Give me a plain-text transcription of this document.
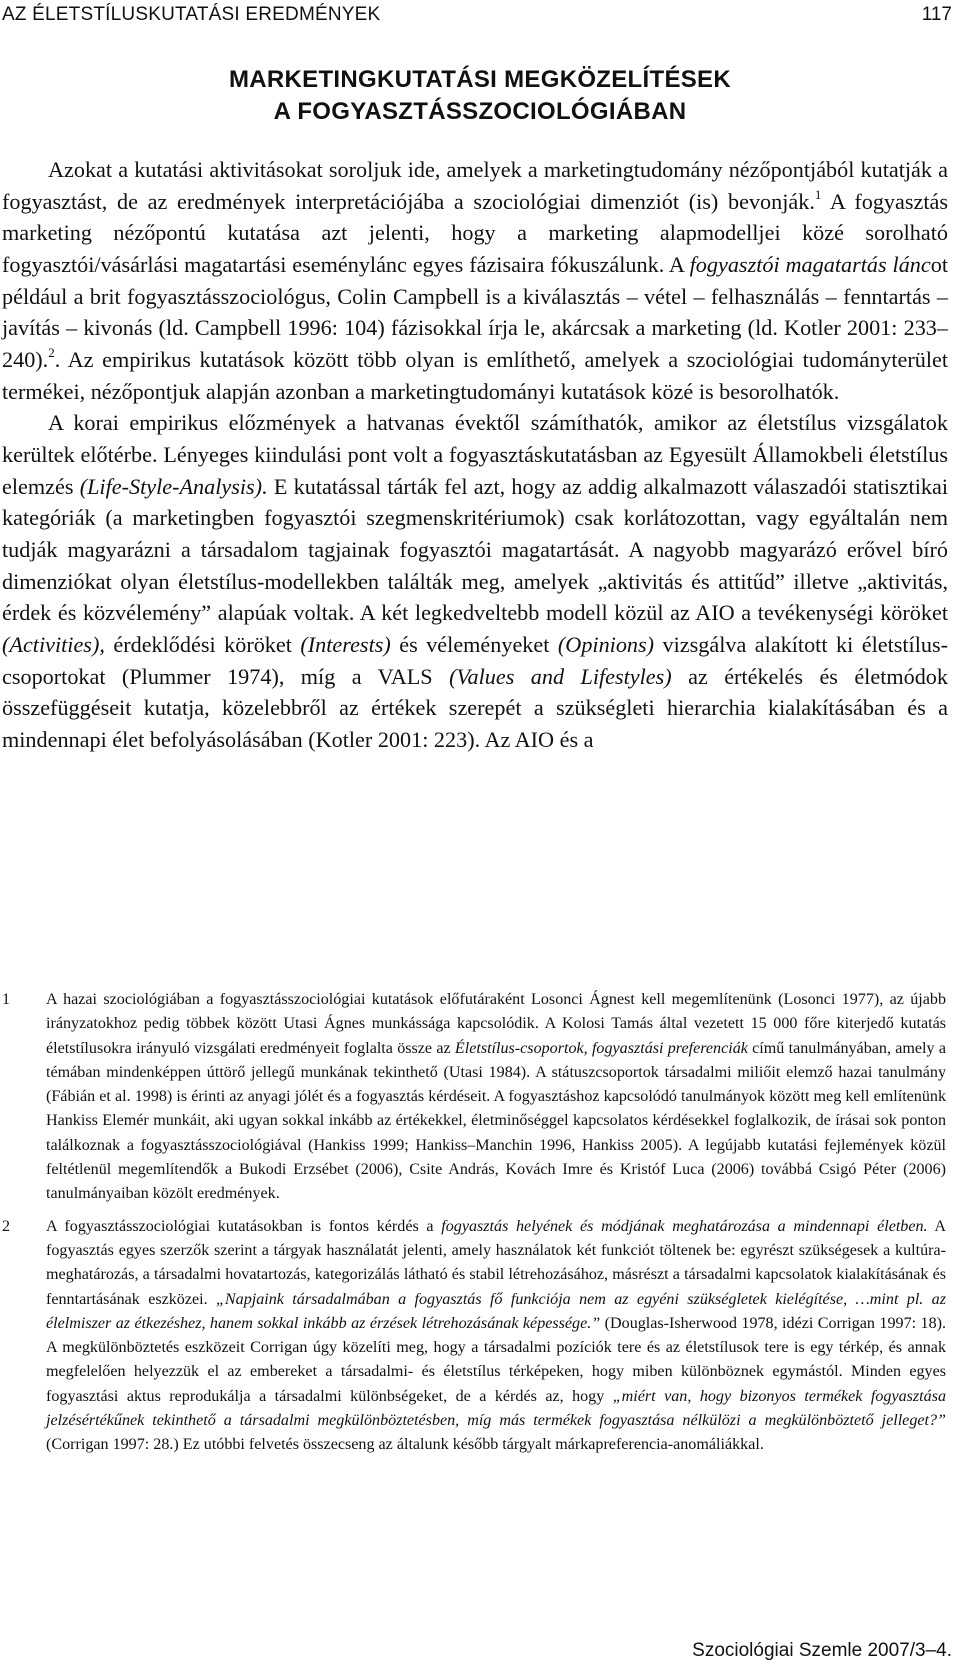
AZ ÉLETSTÍLUSKUTATÁSI EREDMÉNYEK	117
MARKETINGKUTATÁSI MEGKÖZELÍTÉSEK
A FOGYASZTÁSSZOCIOLÓGIÁBAN

Azokat a kutatási aktivitásokat soroljuk ide, amelyek a marketingtudomány nézőpontjából kutatják a fogyasztást, de az eredmények interpretációjába a szociológiai dimenziót (is) bevonják.$^1$ A fogyasztás marketing nézőpontú kutatása azt jelenti, hogy a marketing alapmodelljei közé sorolható fogyasztói/vásárlási magatartási eseménylánc egyes fázisaira fókuszálunk. A fogyasztói magatartás láncot például a brit fogyasztásszociológus, Colin Campbell is a kiválasztás – vétel – felhasználás – fenntartás – javítás – kivonás (ld. Campbell 1996: 104) fázisokkal írja le, akárcsak a marketing (ld. Kotler 2001: 233–240).$^2$. Az empirikus kutatások között több olyan is említhető, amelyek a szociológiai tudományterület termékei, nézőpontjuk alapján azonban a marketingtudományi kutatások közé is besorolhatók.

A korai empirikus előzmények a hatvanas évektől számíthatók, amikor az életstílus vizsgálatok kerültek előtérbe. Lényeges kiindulási pont volt a fogyasztáskutatásban az Egyesült Államokbeli életstílus elemzés (Life-Style-Analysis). E kutatással tárták fel azt, hogy az addig alkalmazott válaszadói statisztikai kategóriák (a marketingben fogyasztói szegmenskritériumok) csak korlátozottan, vagy egyáltalán nem tudják magyarázni a társadalom tagjainak fogyasztói magatartását. A nagyobb magyarázó erővel bíró dimenziókat olyan életstílus-modellekben találták meg, amelyek „aktivitás és attitűd” illetve „aktivitás, érdek és közvélemény” alapúak voltak. A két legkedveltebb modell közül az AIO a tevékenységi köröket (Activities), érdeklődési köröket (Interests) és véleményeket (Opinions) vizsgálva alakított ki életstílus-csoportokat (Plummer 1974), míg a VALS (Values and Lifestyles) az értékelés és életmódok összefüggéseit kutatja, közelebbről az értékek szerepét a szükségleti hierarchia kialakításában és a mindennapi élet befolyásolásában (Kotler 2001: 223). Az AIO és a

1 A hazai szociológiában a fogyasztásszociológiai kutatások előfutáraként Losonci Ágnest kell megemlítenünk (Losonci 1977), az újabb irányzatokhoz pedig többek között Utasi Ágnes munkássága kapcsolódik. A Kolosi Tamás által vezetett 15 000 főre kiterjedő kutatás életstílusokra irányuló vizsgálati eredményeit foglalta össze az Életstílus-csoportok, fogyasztási preferenciák című tanulmányában, amely a témában mindenképpen úttörő jellegű munkának tekinthető (Utasi 1984). A státuszcsoportok társadalmi miliőit elemző hazai tanulmány (Fábián et al. 1998) is érinti az anyagi jólét és a fogyasztás kérdéseit. A fogyasztáshoz kapcsolódó tanulmányok között meg kell említenünk Hankiss Elemér munkáit, aki ugyan sokkal inkább az értékekkel, életminőséggel kapcsolatos kérdésekkel foglalkozik, de írásai sok ponton találkoznak a fogyasztásszociológiával (Hankiss 1999; Hankiss–Manchin 1996, Hankiss 2005). A legújabb kutatási fejlemények közül feltétlenül megemlítendők a Bukodi Erzsébet (2006), Csite András, Kovách Imre és Kristóf Luca (2006) továbbá Csigó Péter (2006) tanulmányaiban közölt eredmények.

2 A fogyasztásszociológiai kutatásokban is fontos kérdés a fogyasztás helyének és módjának meghatározása a mindennapi életben. A fogyasztás egyes szerzők szerint a tárgyak használatát jelenti, amely használatok két funkciót töltenek be: egyrészt szükségesek a kultúra-meghatározás, a társadalmi hovatartozás, kategorizálás látható és stabil létrehozásához, másrészt a társadalmi kapcsolatok kialakításának és fenntartásának eszközei. „Napjaink társadalmában a fogyasztás fő funkciója nem az egyéni szükségletek kielégítése, …mint pl. az élelmiszer az étkezéshez, hanem sokkal inkább az érzések létrehozásának képessége.” (Douglas-Isherwood 1978, idézi Corrigan 1997: 18). A megkülönböztetés eszközeit Corrigan úgy közelíti meg, hogy a társadalmi pozíciók tere és az életstílusok tere is egy térkép, és annak megfelelően helyezzük el az embereket a társadalmi- és életstílus térképeken, hogy miben különböznek egymástól. Minden egyes fogyasztási aktus reprodukálja a társadalmi különbségeket, de a kérdés az, hogy „miért van, hogy bizonyos termékek fogyasztása jelzésértékűnek tekinthető a társadalmi megkülönböztetésben, míg más termékek fogyasztása nélkülözi a megkülönböztető jelleget?” (Corrigan 1997: 28.) Ez utóbbi felvetés összecseng az általunk később tárgyalt márkapreferencia-anomáliákkal.

Szociológiai Szemle 2007/3–4.
